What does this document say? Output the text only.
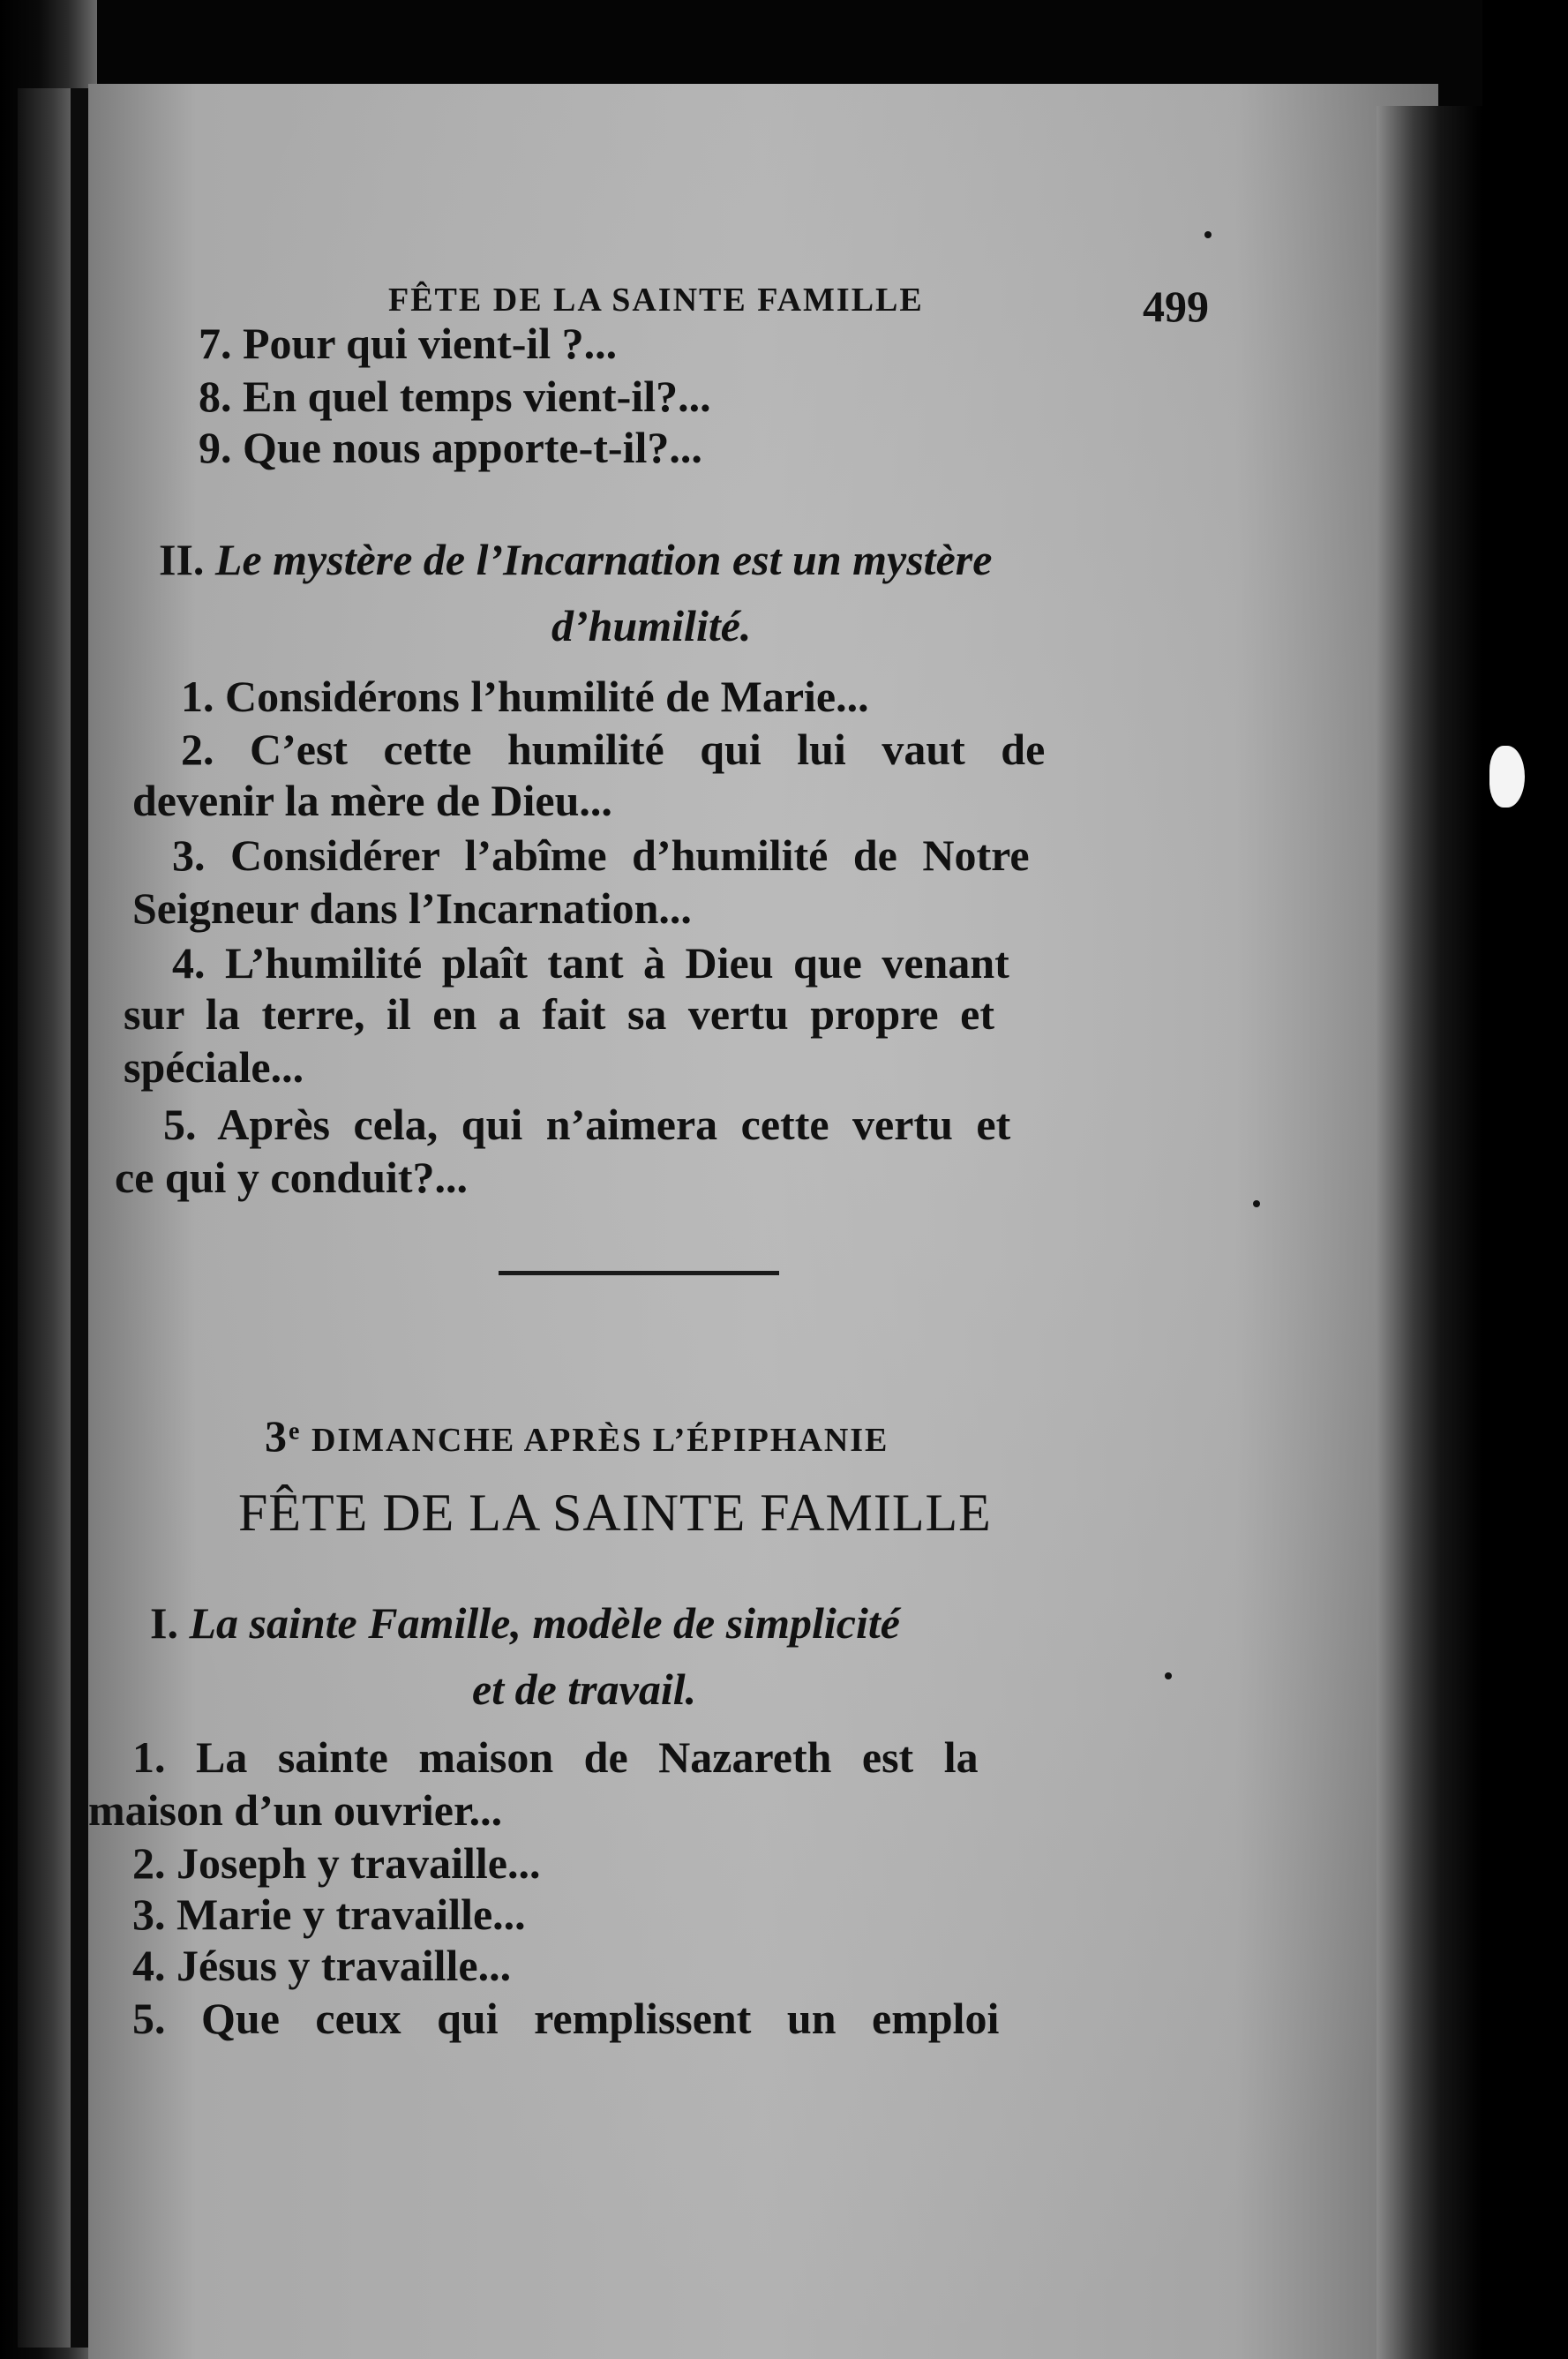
FÊTE DE LA SAINTE FAMILLE	499
7. Pour qui vient-il ?...
8. En quel temps vient-il?...
9. Que nous apporte-t-il?...
II. Le mystère de l’Incarnation est un mystère
d’humilité.
1. Considérons l’humilité de Marie...
2. C’est cette humilité qui lui vaut de
devenir la mère de Dieu...
3. Considérer l’abîme d’humilité de Notre
Seigneur dans l’Incarnation...
4. L’humilité plaît tant à Dieu que venant
sur la terre, il en a fait sa vertu propre et
spéciale...
5. Après cela, qui n’aimera cette vertu et
ce qui y conduit?...
3e DIMANCHE APRÈS L’ÉPIPHANIE
FÊTE DE LA SAINTE FAMILLE
I. La sainte Famille, modèle de simplicité
et de travail.
1. La sainte maison de Nazareth est la
maison d’un ouvrier...
2. Joseph y travaille...
3. Marie y travaille...
4. Jésus y travaille...
5. Que ceux qui remplissent un emploi
